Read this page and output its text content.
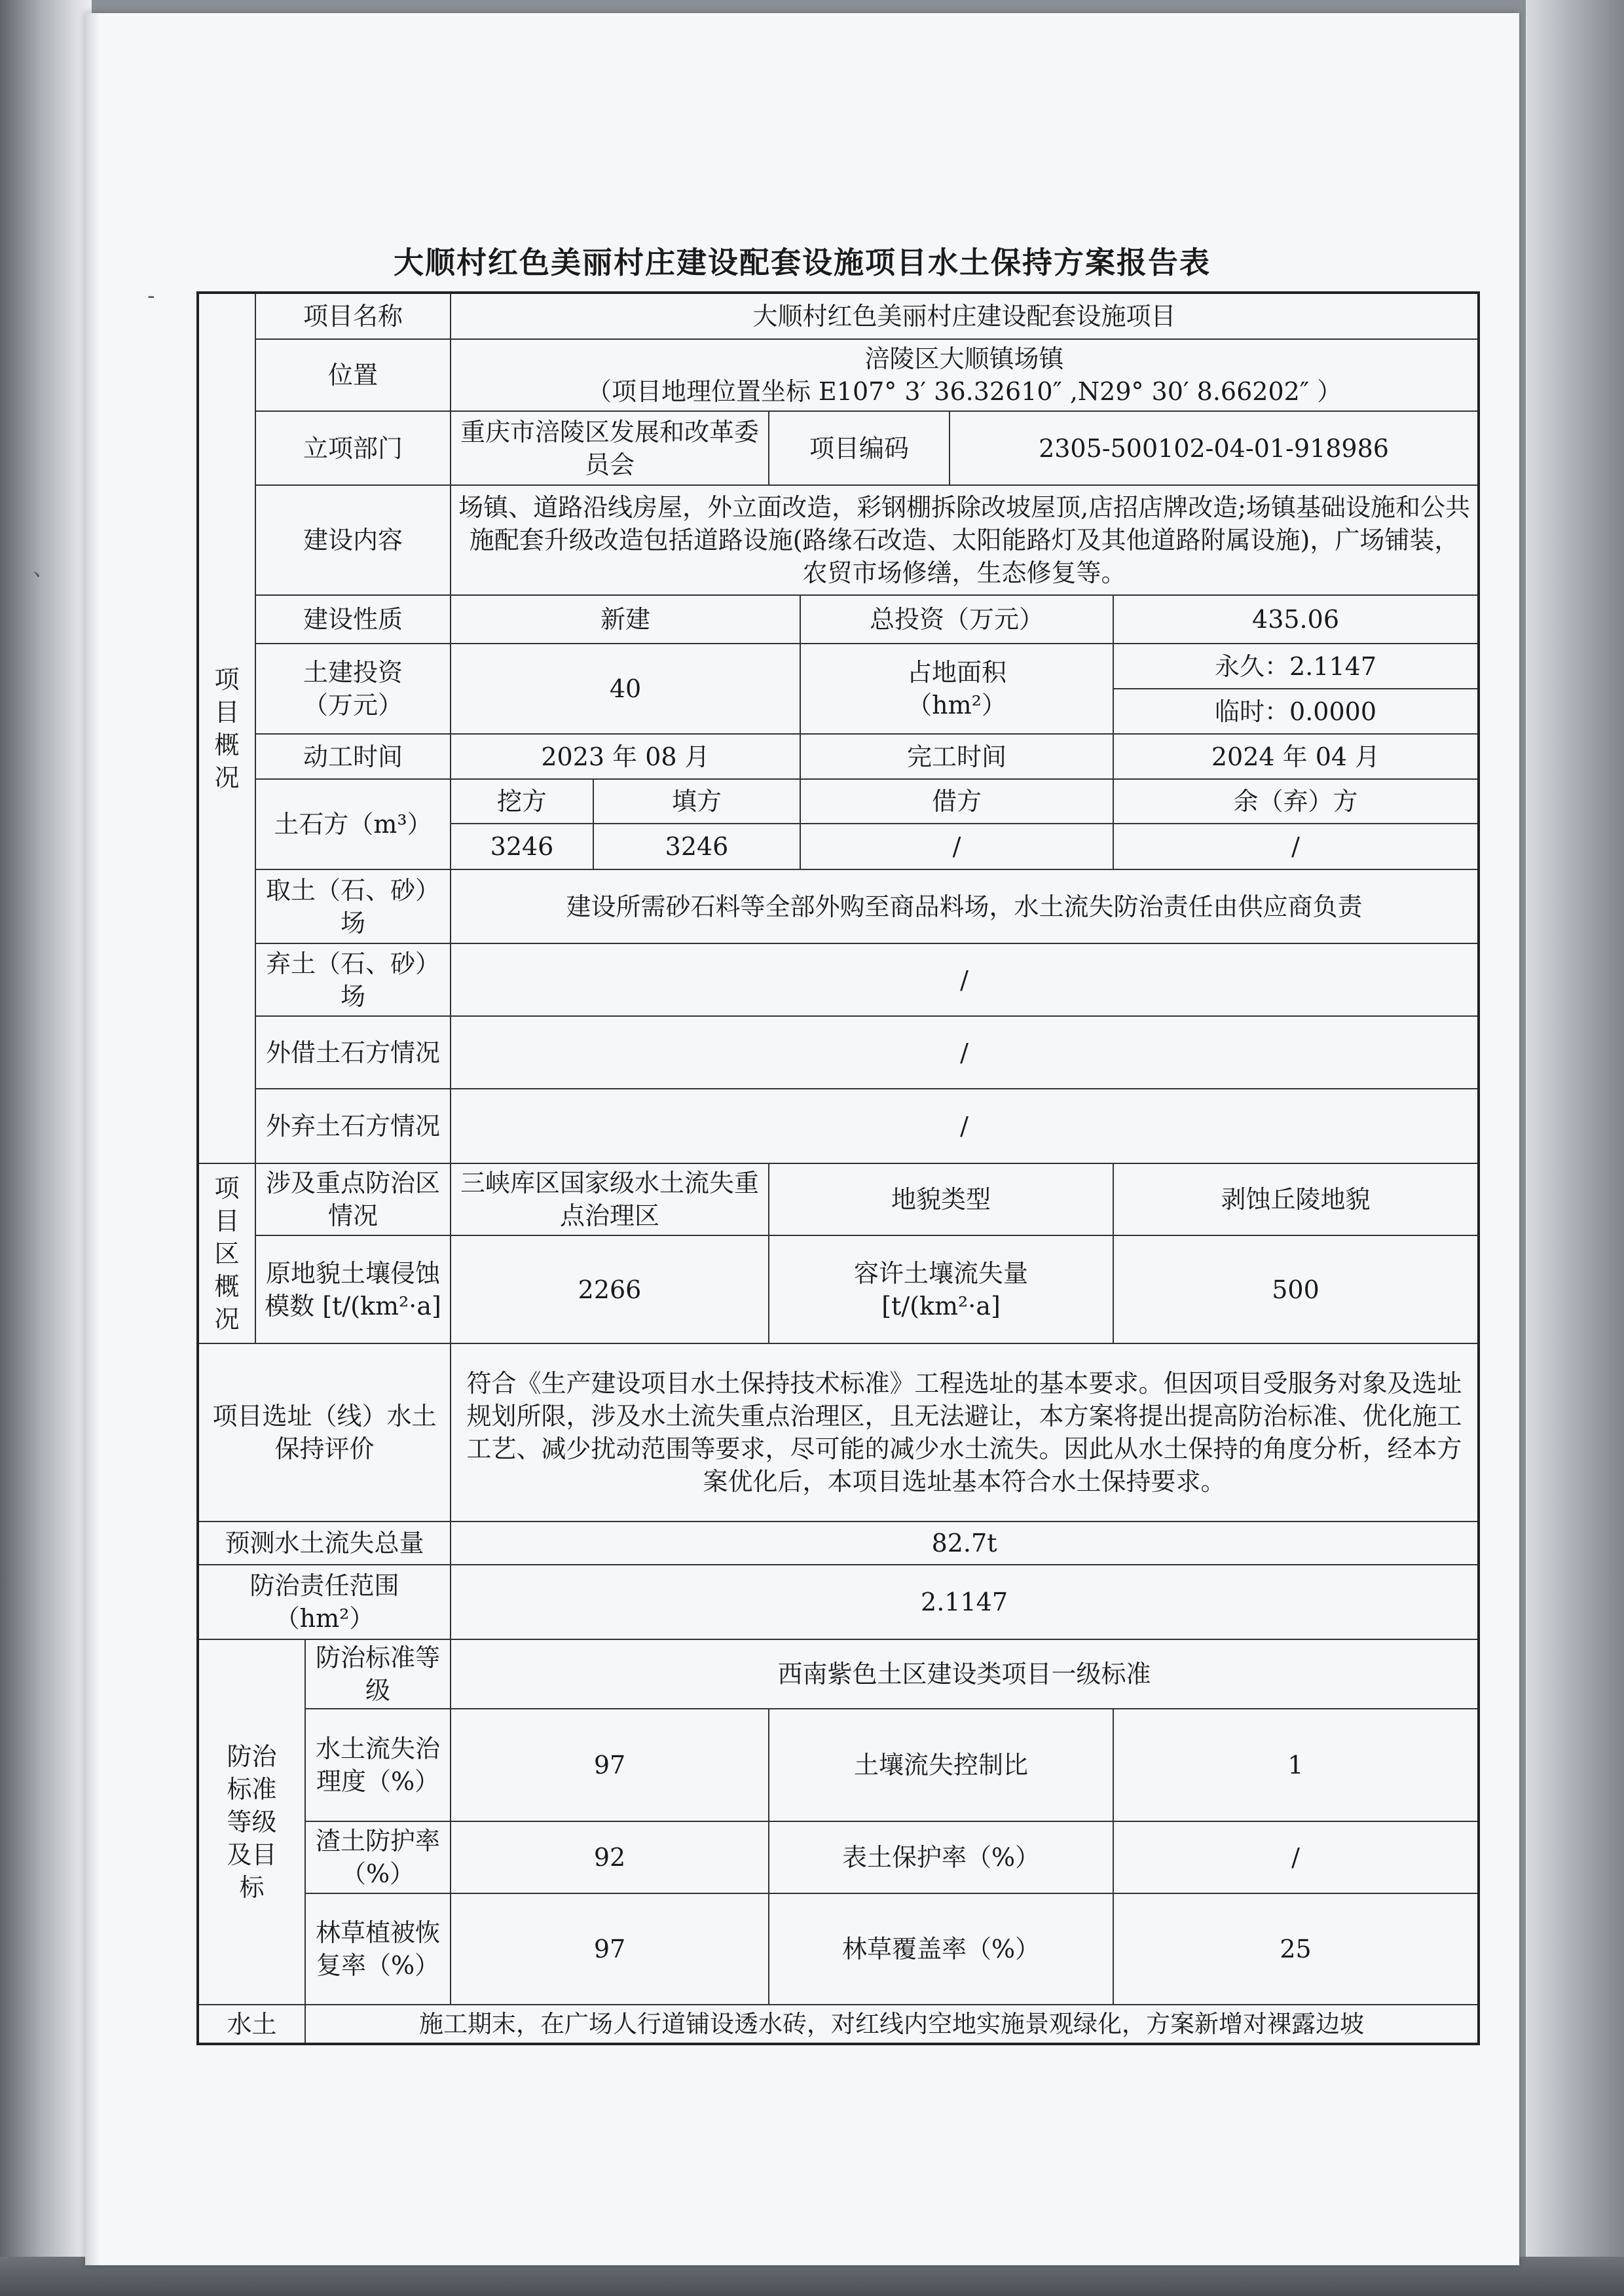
-
、
大顺村红色美丽村庄建设配套设施项目水土保持方案报告表
项
目
概
况	项目名称		大顺村红色美丽村庄建设配套设施项目					
	位置		涪陵区大顺镇场镇
（项目地理位置坐标 E107° 3′ 36.32610″ ,N29° 30′ 8.66202″ ）					

	立项部门		重庆市涪陵区发展和改革委员会		项目编码		2305-500102-04-01-918986	
	建设内容		场镇、道路沿线房屋，外立面改造，彩钢棚拆除改坡屋顶,店招店牌改造;场镇基础设施和公共施配套升级改造包括道路设施(路缘石改造、太阳能路灯及其他道路附属设施)，广场铺装，农贸市场修缮，生态修复等。					
	建设性质		新建			总投资（万元）		435.06

	土建投资
（万元）		40			占地面积
（hm²）		永久：2.1147
								临时：0.0000
	动工时间		2023 年 08 月			完工时间		2024 年 04 月
	土石方（m³）		挖方	填方		借方		余（弃）方
			3246	3246		/		/
	取土（石、砂）场		建设所需砂石料等全部外购至商品料场，水土流失防治责任由供应商负责					
	弃土（石、砂）场		/					
	外借土石方情况		/					
	外弃土石方情况		/					

项
目
区
概
况	涉及重点防治区情况		三峡库区国家级水土流失重点治理区		地貌类型			剥蚀丘陵地貌
	原地貌土壤侵蚀模数 [t/(km²·a]		2266		容许土壤流失量
[t/(km²·a]			500
项目选址（线）水土保持评价			符合《生产建设项目水土保持技术标准》工程选址的基本要求。但因项目受服务对象及选址规划所限，涉及水土流失重点治理区，且无法避让，本方案将提出提高防治标准、优化施工工艺、减少扰动范围等要求，尽可能的减少水土流失。因此从水土保持的角度分析，经本方案优化后，本项目选址基本符合水土保持要求。					
预测水土流失总量			82.7t					

防治责任范围
（hm²）			2.1147					

防治
标准
等级
及目
标		防治标准等级	西南紫色土区建设类项目一级标准					
		水土流失治理度（%）	97		土壤流失控制比			1
		渣土防护率（%）	92		表土保护率（%）			/
		林草植被恢复率（%）	97		林草覆盖率（%）			25
水土		施工期末，在广场人行道铺设透水砖，对红线内空地实施景观绿化，方案新增对裸露边坡						
